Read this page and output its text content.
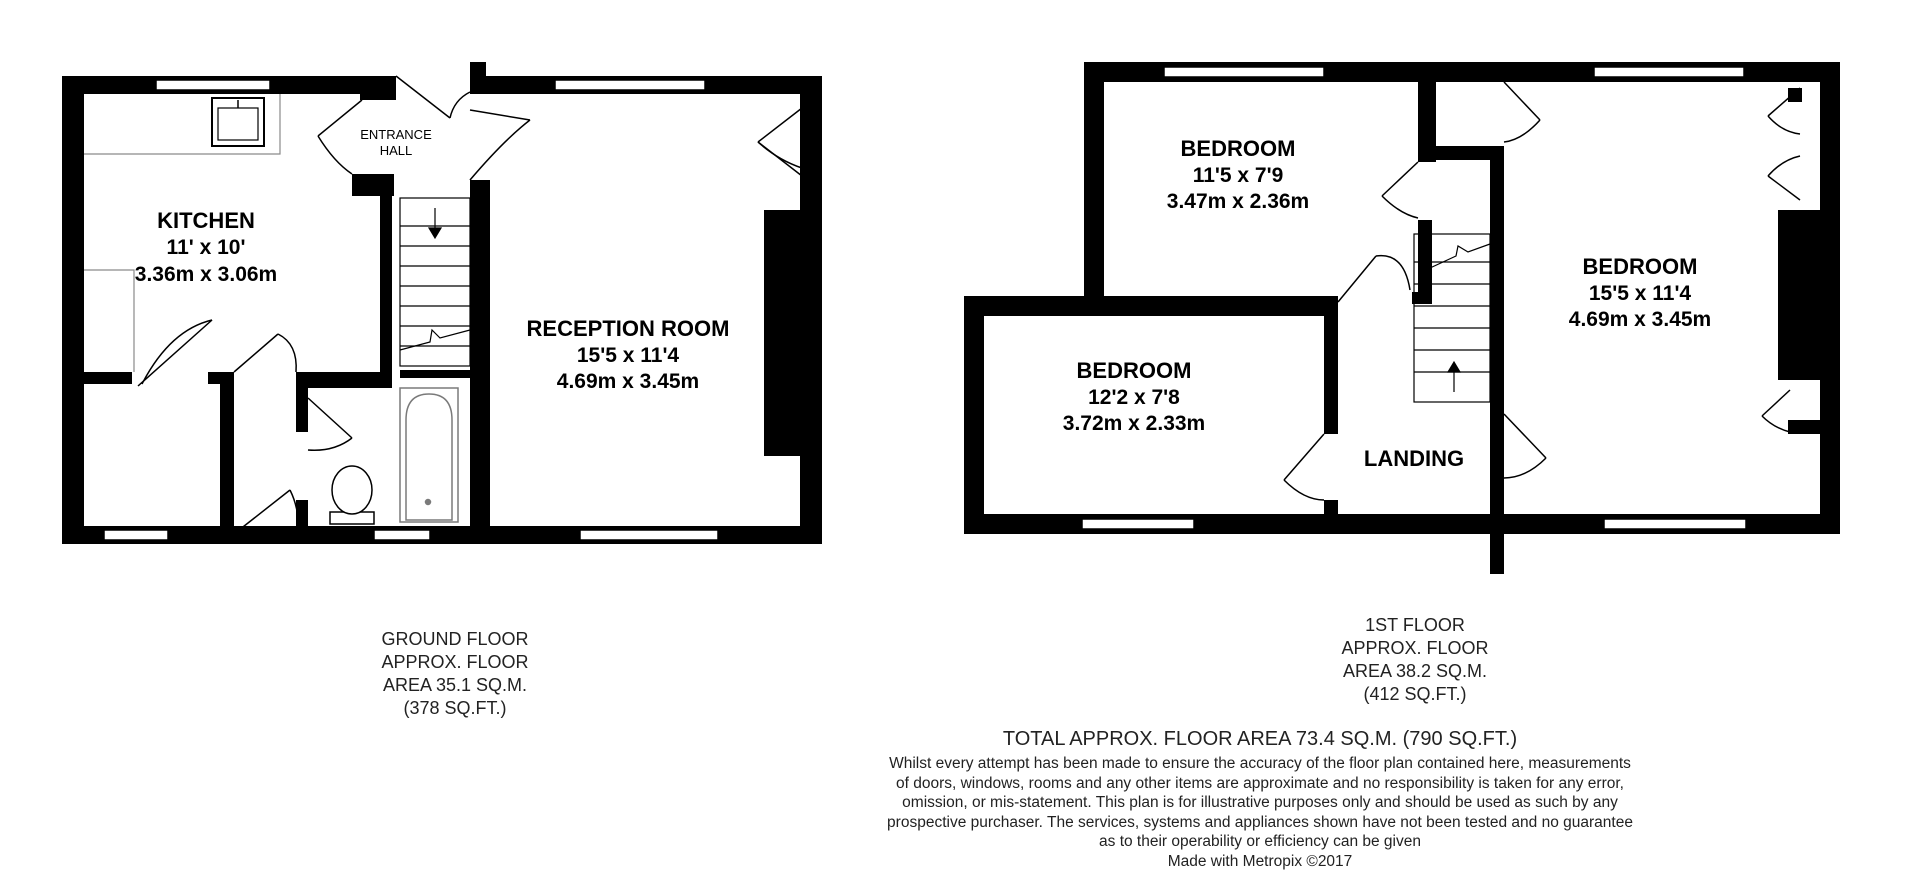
ENTRANCE
HALL
KITCHEN
11' x 10'
3.36m x 3.06m
RECEPTION ROOM
15'5 x 11'4
4.69m x 3.45m
BEDROOM
11'5 x 7'9
3.47m x 2.36m
BEDROOM
15'5 x 11'4
4.69m x 3.45m
BEDROOM
12'2 x 7'8
3.72m x 2.33m
LANDING
GROUND FLOOR
APPROX. FLOOR
AREA 35.1 SQ.M.
(378 SQ.FT.)
1ST FLOOR
APPROX. FLOOR
AREA 38.2 SQ.M.
(412 SQ.FT.)
TOTAL APPROX. FLOOR AREA 73.4 SQ.M. (790 SQ.FT.)
Whilst every attempt has been made to ensure the accuracy of the floor plan contained here, measurements
of doors, windows, rooms and any other items are approximate and no responsibility is taken for any error,
omission, or mis-statement. This plan is for illustrative purposes only and should be used as such by any
prospective purchaser. The services, systems and appliances shown have not been tested and no guarantee
as to their operability or efficiency can be given
Made with Metropix ©2017
